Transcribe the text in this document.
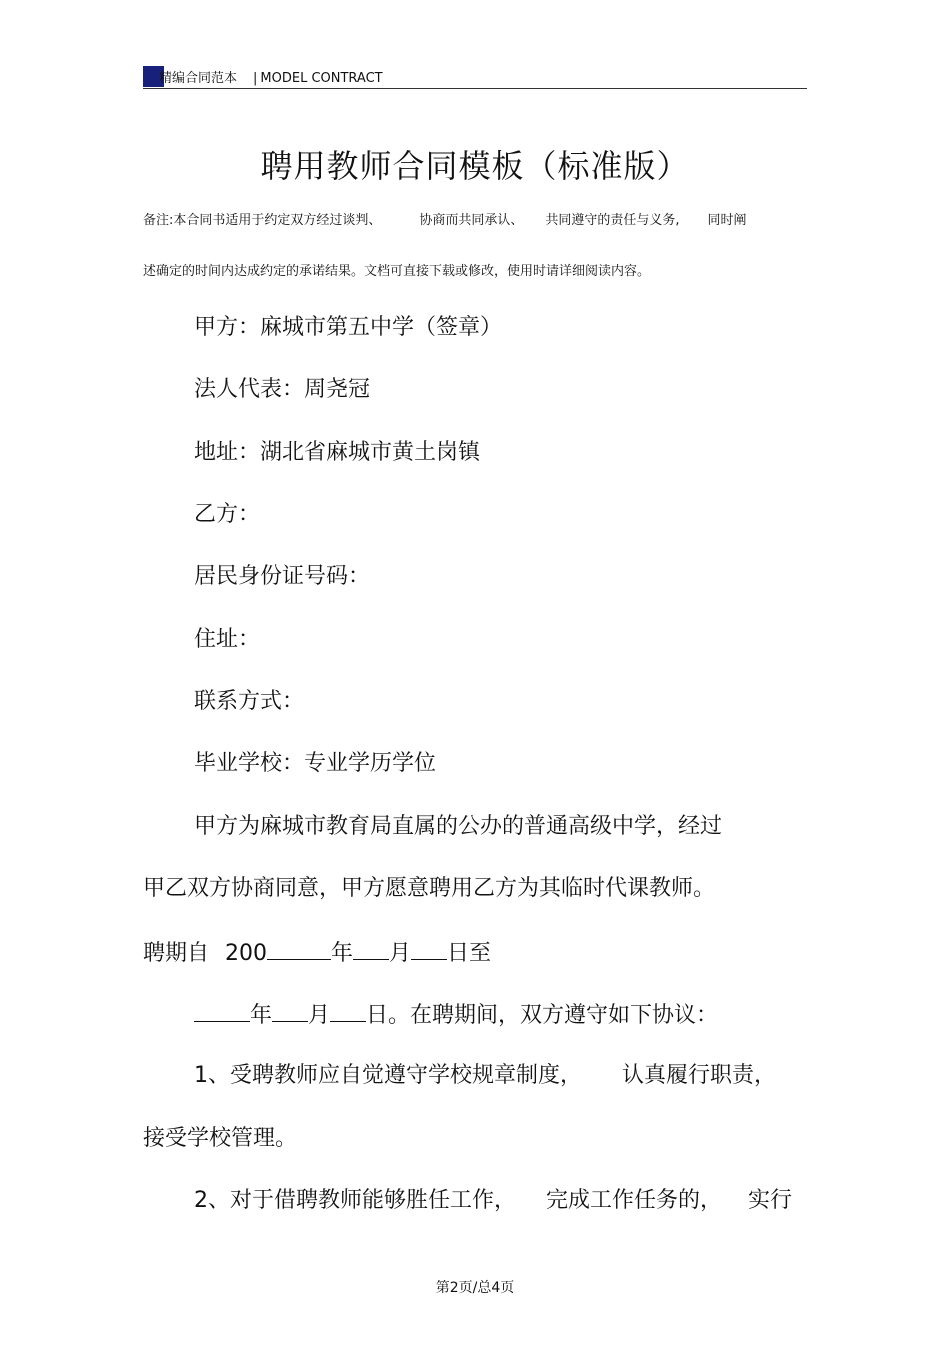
精编合同范本 | MODEL CONTRACT
聘用教师合同模板（标准版）
备注:本合同书适用于约定双方经过谈判、	协商而共同承认、 共同遵守的责任与义务, 同时阐
述确定的时间内达成约定的承诺结果。文档可直接下载或修改，使用时请详细阅读内容。
甲方：麻城市第五中学（签章）
法人代表：周尧冠
地址：湖北省麻城市黄土岗镇
乙方：
居民身份证号码：
住址：
联系方式：
毕业学校：专业学历学位
甲方为麻城市教育局直属的公办的普通高级中学，经过
甲乙双方协商同意，甲方愿意聘用乙方为其临时代课教师。
聘期自 200	年 月 日至
年 月 日。在聘期间，双方遵守如下协议：
1、受聘教师应自觉遵守学校规章制度， 认真履行职责，
接受学校管理。
2、对于借聘教师能够胜任工作， 完成工作任务的， 实行
第2页/总4页
